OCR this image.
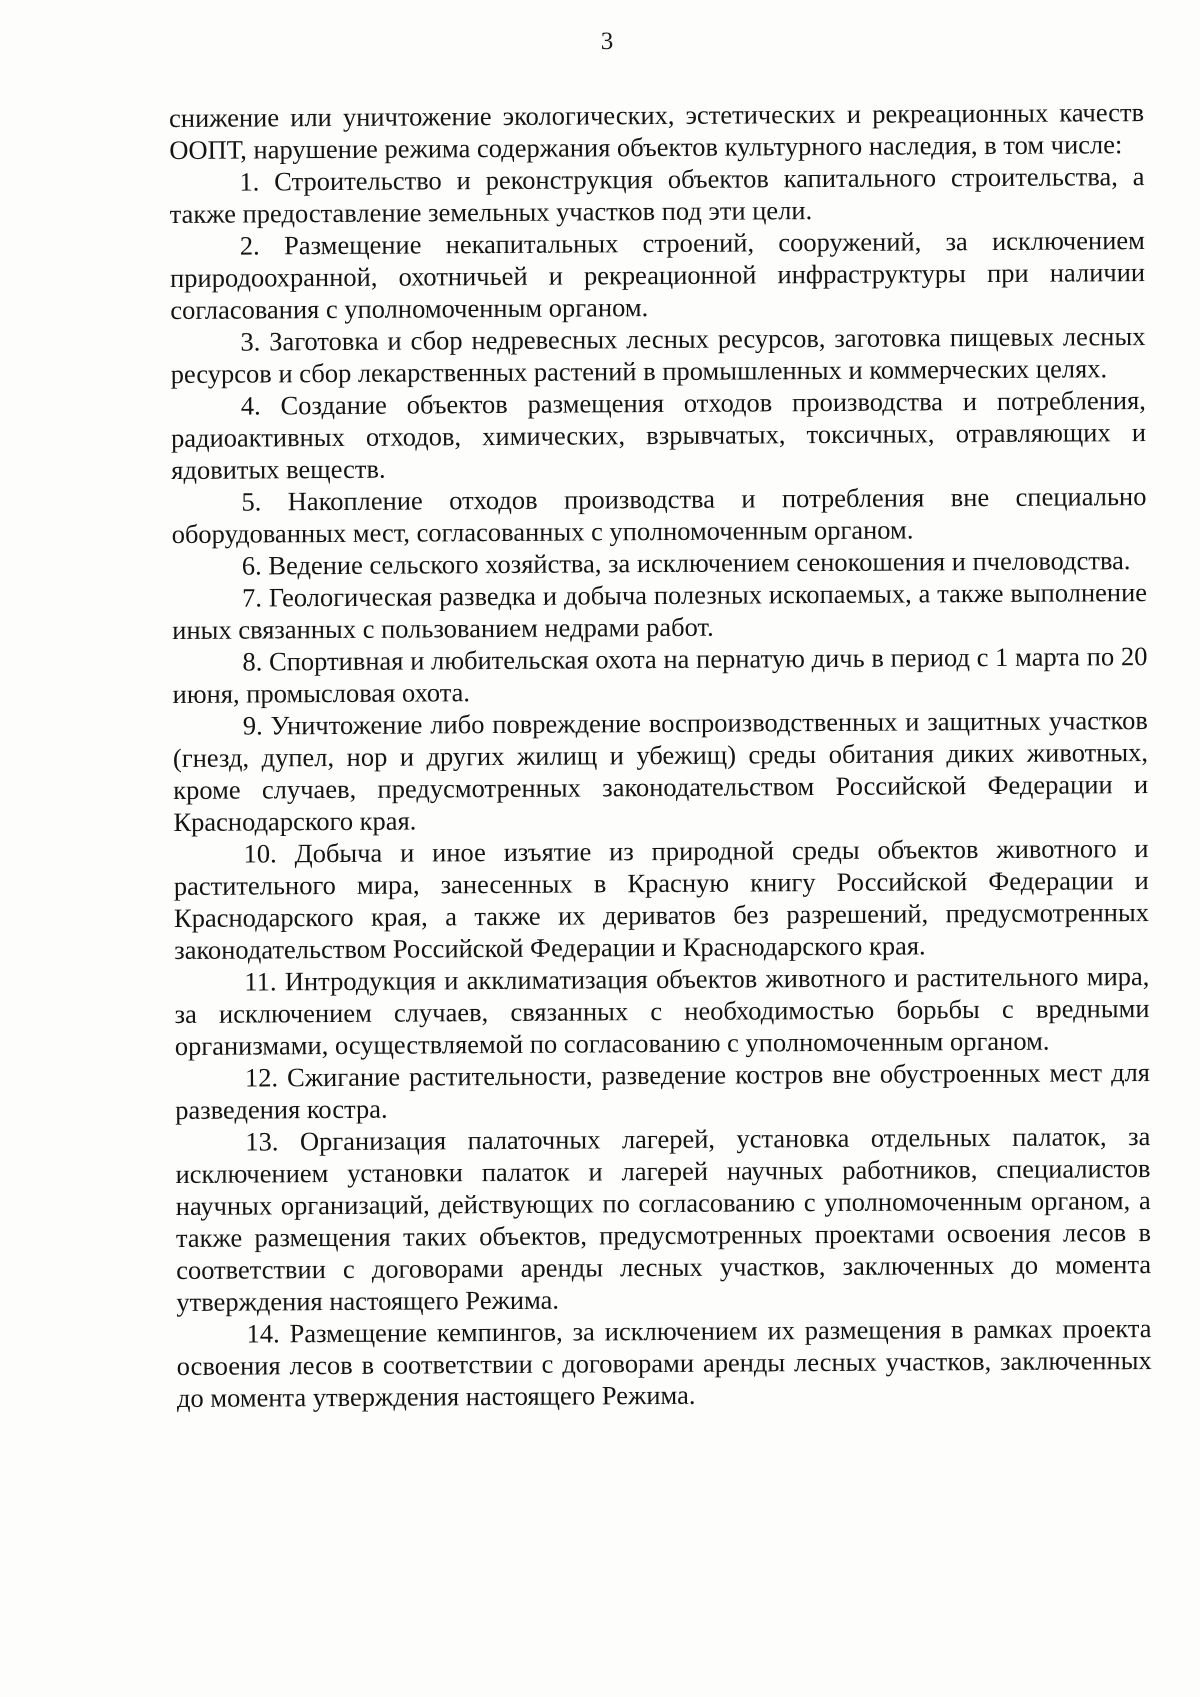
3

снижение или уничтожение экологических, эстетических и рекреационных качеств ООПТ, нарушение режима содержания объектов культурного наследия, в том числе:

1. Строительство и реконструкция объектов капитального строительства, а также предоставление земельных участков под эти цели.

2. Размещение некапитальных строений, сооружений, за исключением природоохранной, охотничьей и рекреационной инфраструктуры при наличии согласования с уполномоченным органом.

3. Заготовка и сбор недревесных лесных ресурсов, заготовка пищевых лесных ресурсов и сбор лекарственных растений в промышленных и коммерческих целях.

4. Создание объектов размещения отходов производства и потребления, радиоактивных отходов, химических, взрывчатых, токсичных, отравляющих и ядовитых веществ.

5. Накопление отходов производства и потребления вне специально оборудованных мест, согласованных с уполномоченным органом.

6. Ведение сельского хозяйства, за исключением сенокошения и пчеловодства.

7. Геологическая разведка и добыча полезных ископаемых, а также выполнение иных связанных с пользованием недрами работ.

8. Спортивная и любительская охота на пернатую дичь в период с 1 марта по 20 июня, промысловая охота.

9. Уничтожение либо повреждение воспроизводственных и защитных участков (гнезд, дупел, нор и других жилищ и убежищ) среды обитания диких животных, кроме случаев, предусмотренных законодательством Российской Федерации и Краснодарского края.

10. Добыча и иное изъятие из природной среды объектов животного и растительного мира, занесенных в Красную книгу Российской Федерации и Краснодарского края, а также их дериватов без разрешений, предусмотренных законодательством Российской Федерации и Краснодарского края.

11. Интродукция и акклиматизация объектов животного и растительного мира, за исключением случаев, связанных с необходимостью борьбы с вредными организмами, осуществляемой по согласованию с уполномоченным органом.

12. Сжигание растительности, разведение костров вне обустроенных мест для разведения костра.

13. Организация палаточных лагерей, установка отдельных палаток, за исключением установки палаток и лагерей научных работников, специалистов научных организаций, действующих по согласованию с уполномоченным органом, а также размещения таких объектов, предусмотренных проектами освоения лесов в соответствии с договорами аренды лесных участков, заключенных до момента утверждения настоящего Режима.

14. Размещение кемпингов, за исключением их размещения в рамках проекта освоения лесов в соответствии с договорами аренды лесных участков, заключенных до момента утверждения настоящего Режима.
